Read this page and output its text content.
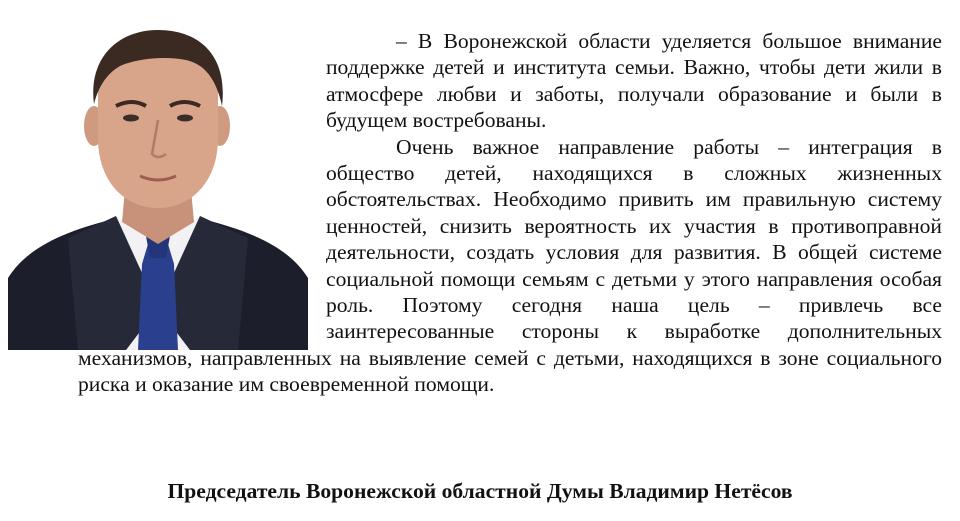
– В Воронежской области уделяется большое внимание поддержке детей и института семьи. Важно, чтобы дети жили в атмосфере любви и заботы, получали образование и были в будущем востребованы.

Очень важное направление работы – интеграция в общество детей, находящихся в сложных жизненных обстоятельствах. Необходимо привить им правильную систему ценностей, снизить вероятность их участия в противоправной деятельности, создать условия для развития. В общей системе социальной помощи семьям с детьми у этого направления особая роль. Поэтому сегодня наша цель – привлечь все заинтересованные стороны к выработке дополнительных механизмов, направленных на выявление семей с детьми, находящихся в зоне социального риска и оказание им своевременной помощи.

Председатель Воронежской областной Думы Владимир Нетёсов
